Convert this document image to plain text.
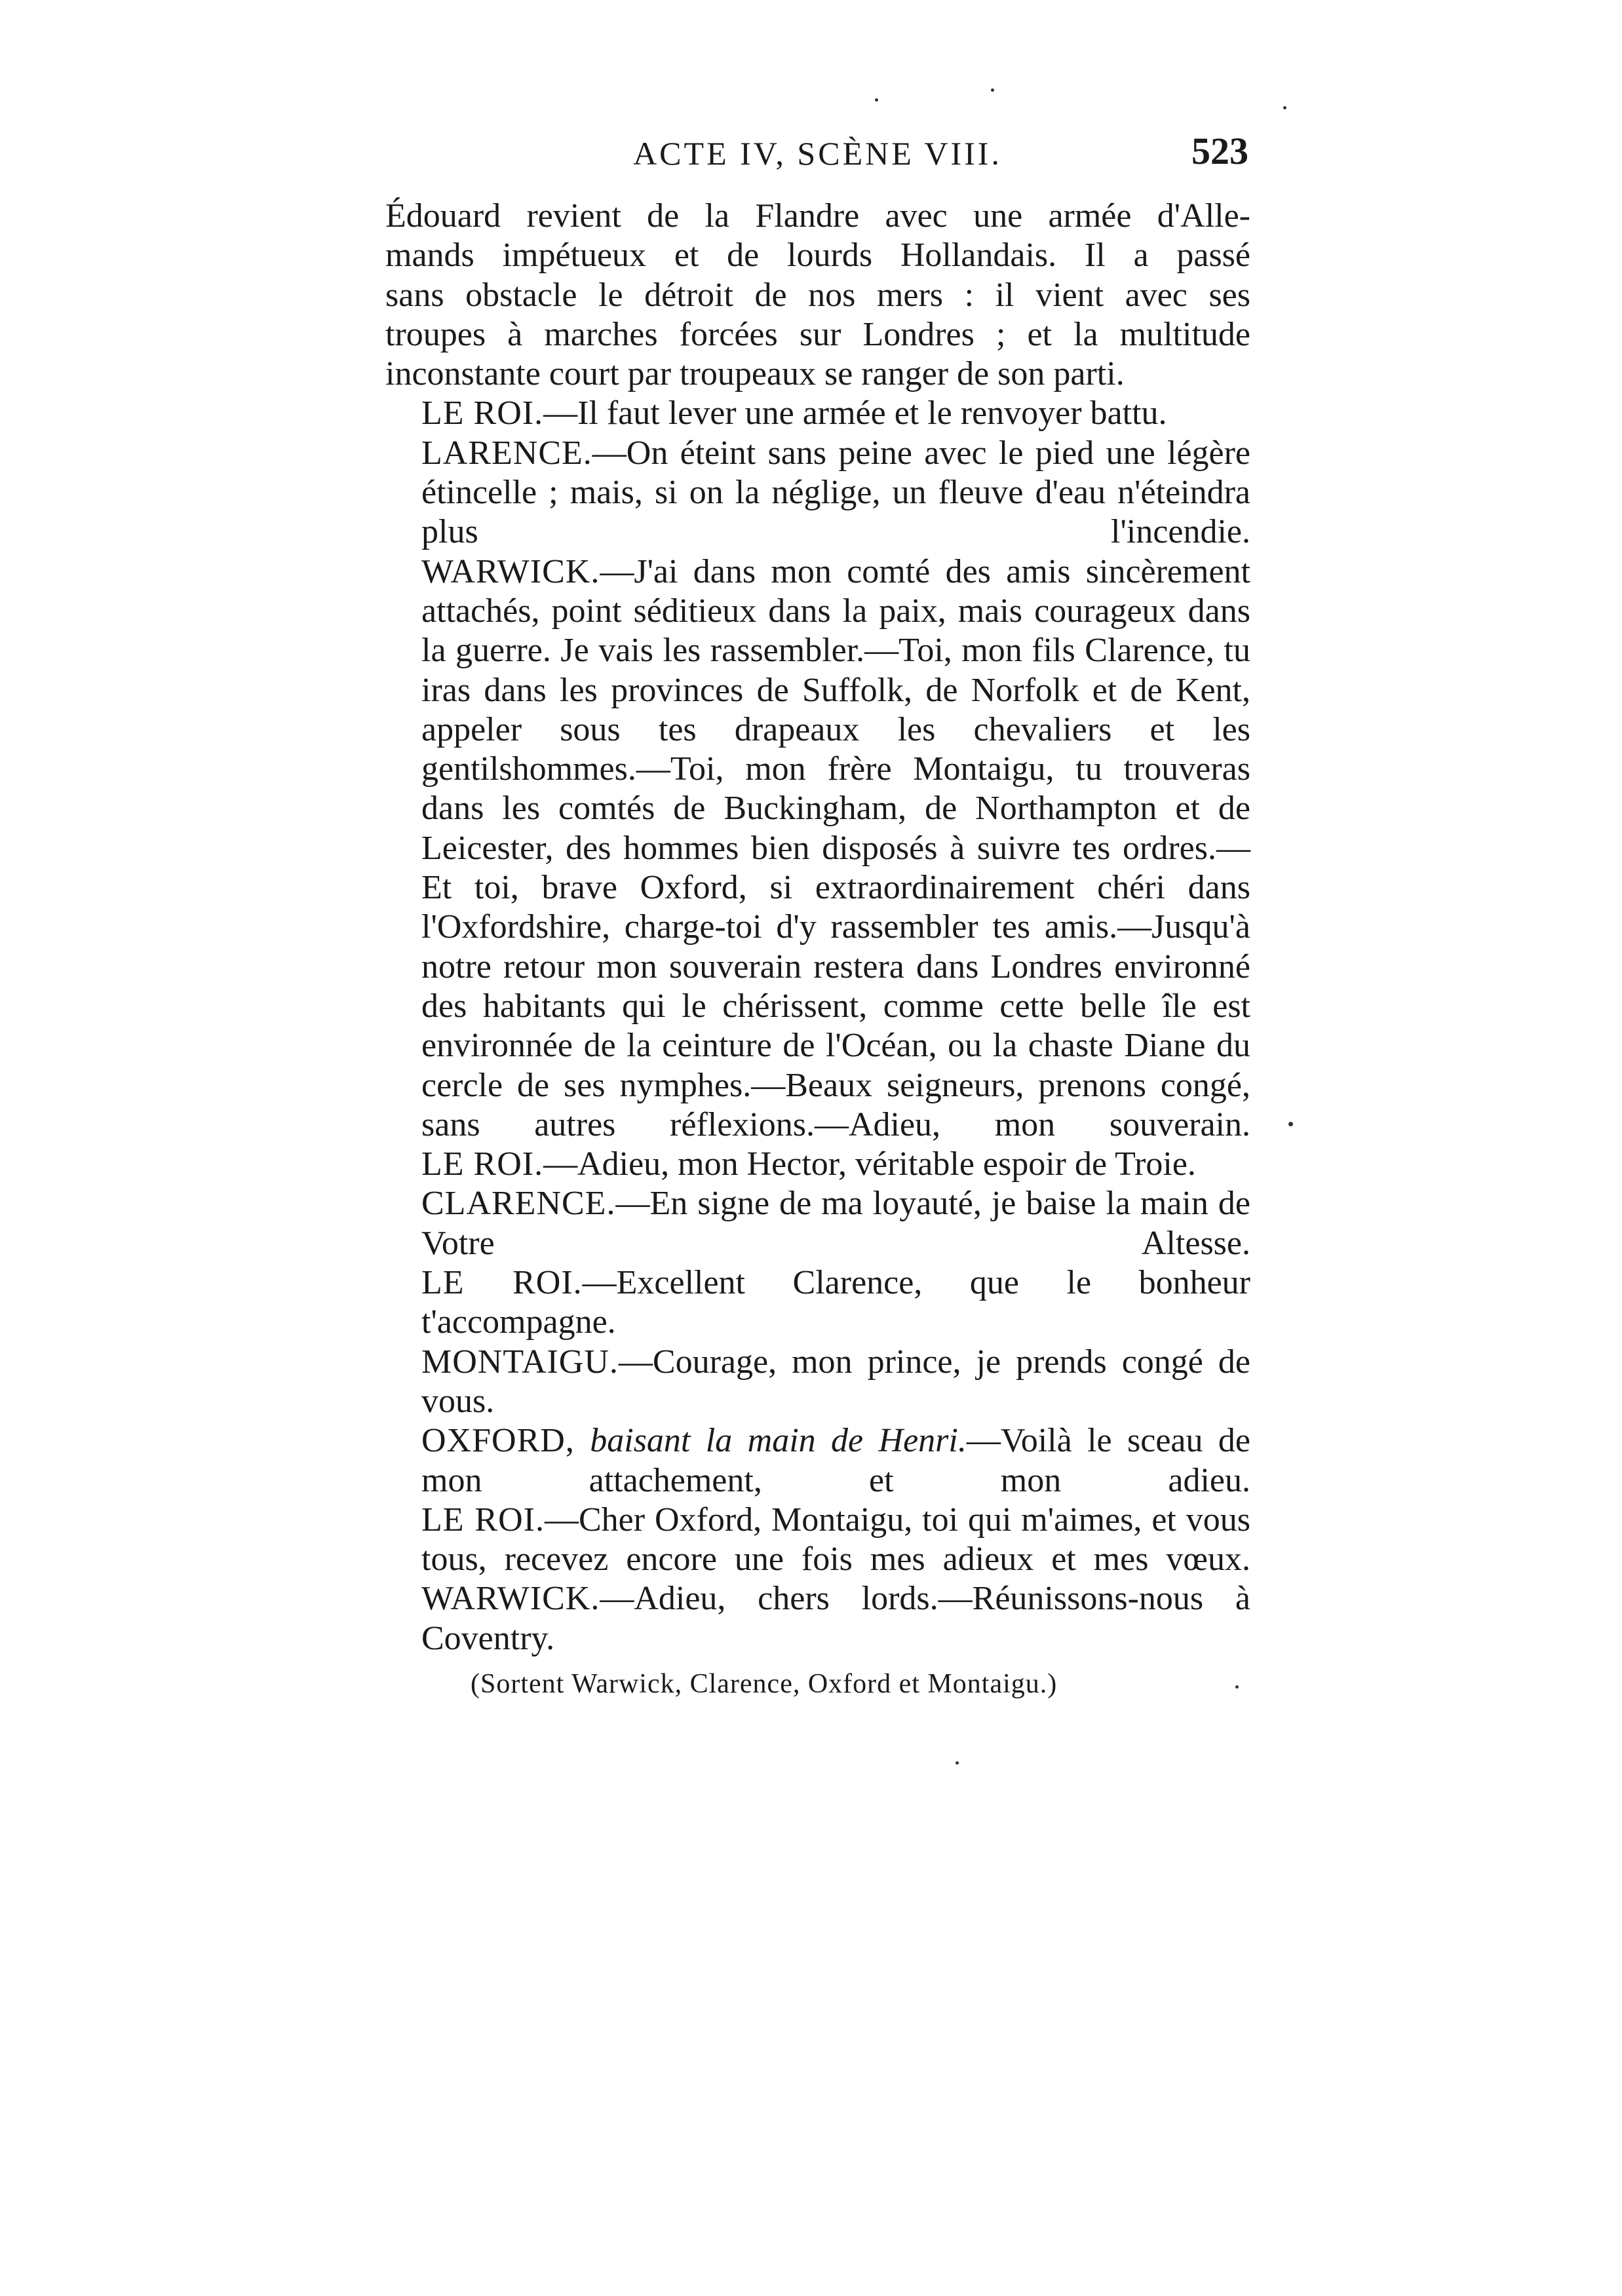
ACTE IV, SCÈNE VIII.	523

Édouard revient de la Flandre avec une armée d'Alle-

mands impétueux et de lourds Hollandais. Il a passé

sans obstacle le détroit de nos mers : il vient avec ses

troupes à marches forcées sur Londres ; et la multitude

inconstante court par troupeaux se ranger de son parti.

LE ROI.—Il faut lever une armée et le renvoyer battu.

LARENCE.—On éteint sans peine avec le pied une légère étincelle ; mais, si on la néglige, un fleuve d'eau n'éteindra plus l'incendie.

WARWICK.—J'ai dans mon comté des amis sincèrement attachés, point séditieux dans la paix, mais courageux dans la guerre. Je vais les rassembler.—Toi, mon fils Clarence, tu iras dans les provinces de Suffolk, de Norfolk et de Kent, appeler sous tes drapeaux les chevaliers et les gentilshommes.—Toi, mon frère Montaigu, tu trouveras dans les comtés de Buckingham, de Northampton et de Leicester, des hommes bien disposés à suivre tes ordres.—Et toi, brave Oxford, si extraordinairement chéri dans l'Oxfordshire, charge-toi d'y rassembler tes amis.—Jusqu'à notre retour mon souverain restera dans Londres environné des habitants qui le chérissent, comme cette belle île est environnée de la ceinture de l'Océan, ou la chaste Diane du cercle de ses nymphes.—Beaux seigneurs, prenons congé, sans autres réflexions.—Adieu, mon souverain.

LE ROI.—Adieu, mon Hector, véritable espoir de Troie.

CLARENCE.—En signe de ma loyauté, je baise la main de Votre Altesse.

LE ROI.—Excellent Clarence, que le bonheur t'accompagne.

MONTAIGU.—Courage, mon prince, je prends congé de vous.

OXFORD, baisant la main de Henri.—Voilà le sceau de mon attachement, et mon adieu.

LE ROI.—Cher Oxford, Montaigu, toi qui m'aimes, et vous tous, recevez encore une fois mes adieux et mes vœux.

WARWICK.—Adieu, chers lords.—Réunissons-nous à Coventry.

(Sortent Warwick, Clarence, Oxford et Montaigu.)
